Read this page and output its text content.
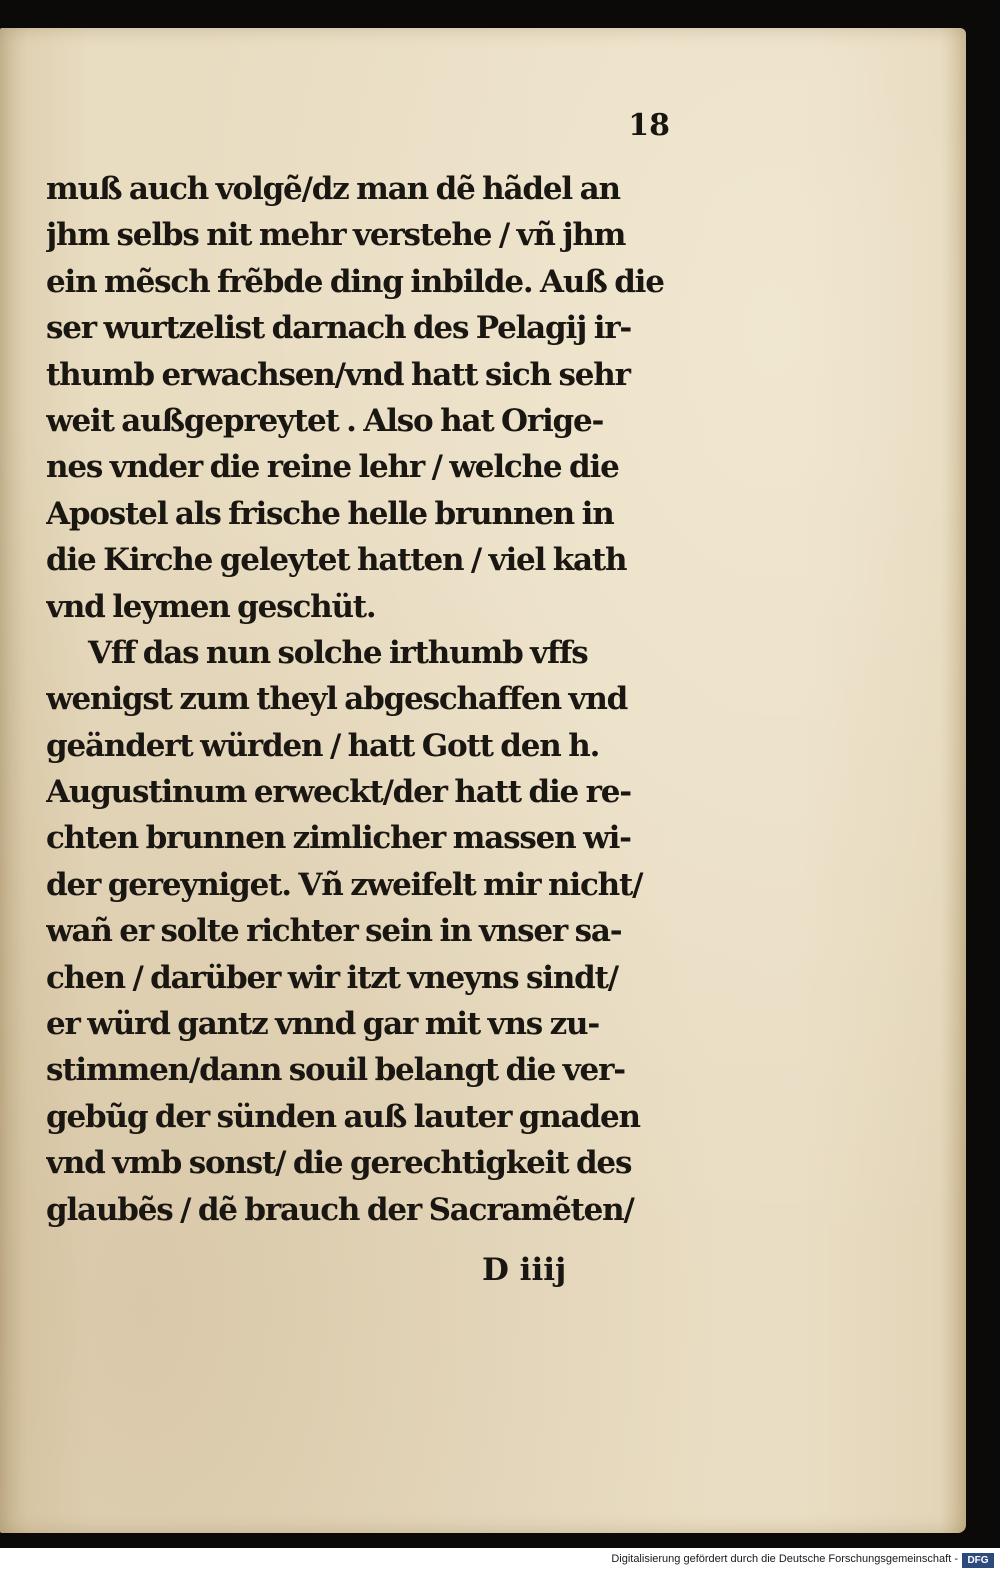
18
muß auch volgẽ/dz man dẽ hãdel an
jhm selbs nit mehr verstehe / vñ jhm
ein mẽsch frẽbde ding inbilde. Auß die
ser wurtzelist darnach des Pelagij ir-
thumb erwachsen/vnd hatt sich sehr
weit außgepreytet . Also hat Orige-
nes vnder die reine lehr / welche die
Apostel als frische helle brunnen in
die Kirche geleytet hatten / viel kath
vnd leymen geschüt.
Vff das nun solche irthumb vffs
wenigst zum theyl abgeschaffen vnd
geändert würden / hatt Gott den h.
Augustinum erweckt/der hatt die re-
chten brunnen zimlicher massen wi-
der gereyniget. Vñ zweifelt mir nicht/
wañ er solte richter sein in vnser sa-
chen / darüber wir itzt vneyns sindt/
er würd gantz vnnd gar mit vns zu-
stimmen/dann souil belangt die ver-
gebũg der sünden auß lauter gnaden
vnd vmb sonst/ die gerechtigkeit des
glaubẽs / dẽ brauch der Sacramẽten/
D iiij
Digitalisierung gefördert durch die Deutsche Forschungsgemeinschaft - DFG
